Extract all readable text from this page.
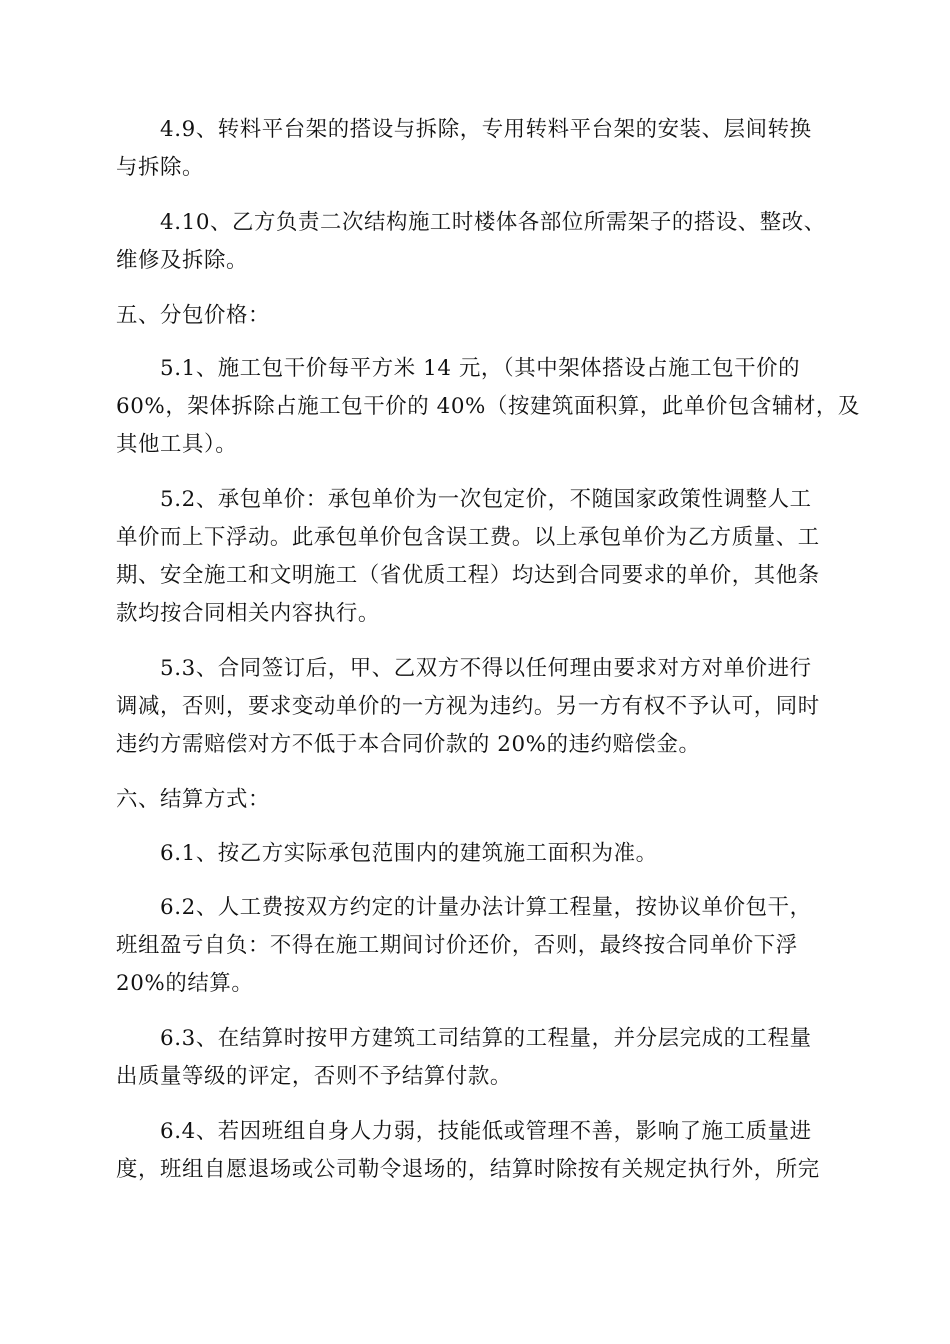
4.9、转料平台架的搭设与拆除，专用转料平台架的安装、层间转换
与拆除。
4.10、乙方负责二次结构施工时楼体各部位所需架子的搭设、整改、
维修及拆除。
五、分包价格：
5.1、施工包干价每平方米 14 元，（其中架体搭设占施工包干价的
60%，架体拆除占施工包干价的 40%（按建筑面积算，此单价包含辅材，及
其他工具）。
5.2、承包单价：承包单价为一次包定价，不随国家政策性调整人工
单价而上下浮动。此承包单价包含误工费。以上承包单价为乙方质量、工
期、安全施工和文明施工（省优质工程）均达到合同要求的单价，其他条
款均按合同相关内容执行。
5.3、合同签订后，甲、乙双方不得以任何理由要求对方对单价进行
调减，否则，要求变动单价的一方视为违约。另一方有权不予认可，同时
违约方需赔偿对方不低于本合同价款的 20%的违约赔偿金。
六、结算方式：
6.1、按乙方实际承包范围内的建筑施工面积为准。
6.2、人工费按双方约定的计量办法计算工程量，按协议单价包干，
班组盈亏自负：不得在施工期间讨价还价，否则，最终按合同单价下浮
20%的结算。
6.3、在结算时按甲方建筑工司结算的工程量，并分层完成的工程量
出质量等级的评定，否则不予结算付款。
6.4、若因班组自身人力弱，技能低或管理不善，影响了施工质量进
度，班组自愿退场或公司勒令退场的，结算时除按有关规定执行外，所完
